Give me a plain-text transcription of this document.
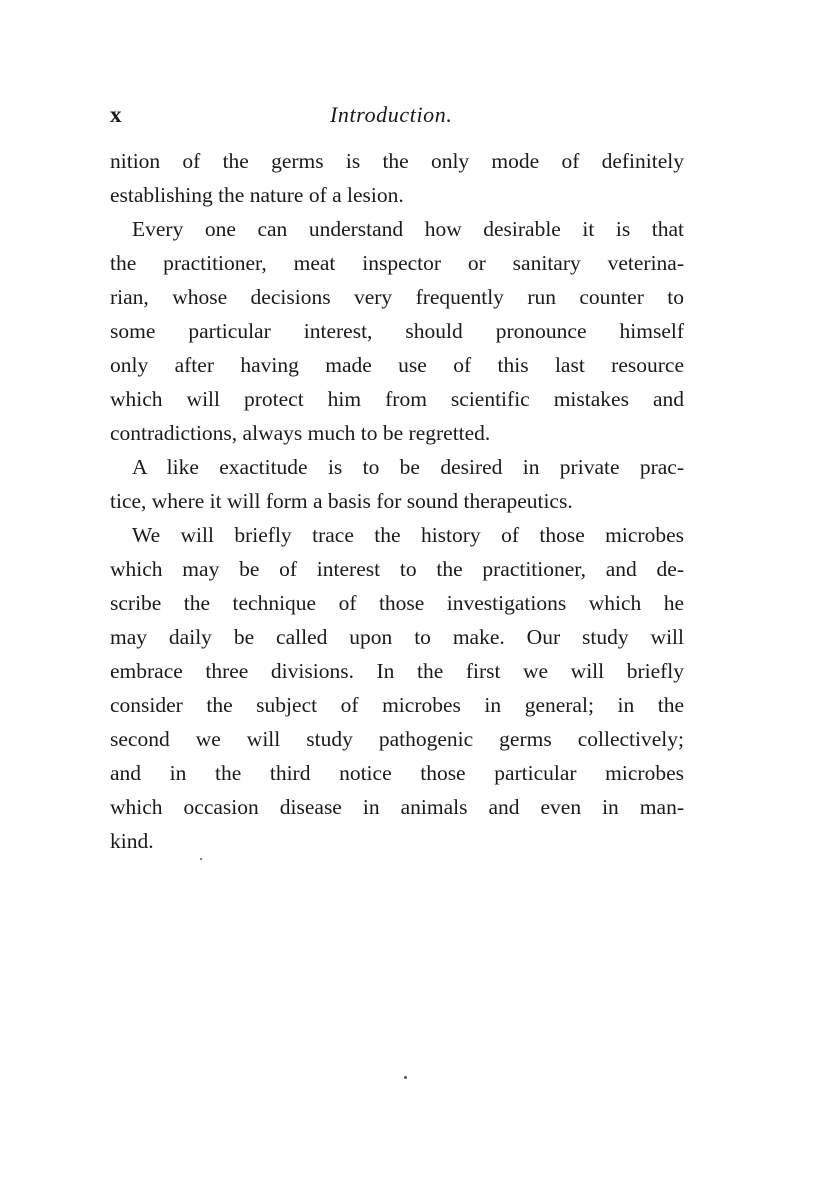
x	Introduction.
nition of the germs is the only mode of definitely
establishing the nature of a lesion.
Every one can understand how desirable it is that
the practitioner, meat inspector or sanitary veterina-
rian, whose decisions very frequently run counter to
some particular interest, should pronounce himself
only after having made use of this last resource
which will protect him from scientific mistakes and
contradictions, always much to be regretted.
A like exactitude is to be desired in private prac-
tice, where it will form a basis for sound therapeutics.
We will briefly trace the history of those microbes
which may be of interest to the practitioner, and de-
scribe the technique of those investigations which he
may daily be called upon to make. Our study will
embrace three divisions. In the first we will briefly
consider the subject of microbes in general; in the
second we will study pathogenic germs collectively;
and in the third notice those particular microbes
which occasion disease in animals and even in man-
kind.
